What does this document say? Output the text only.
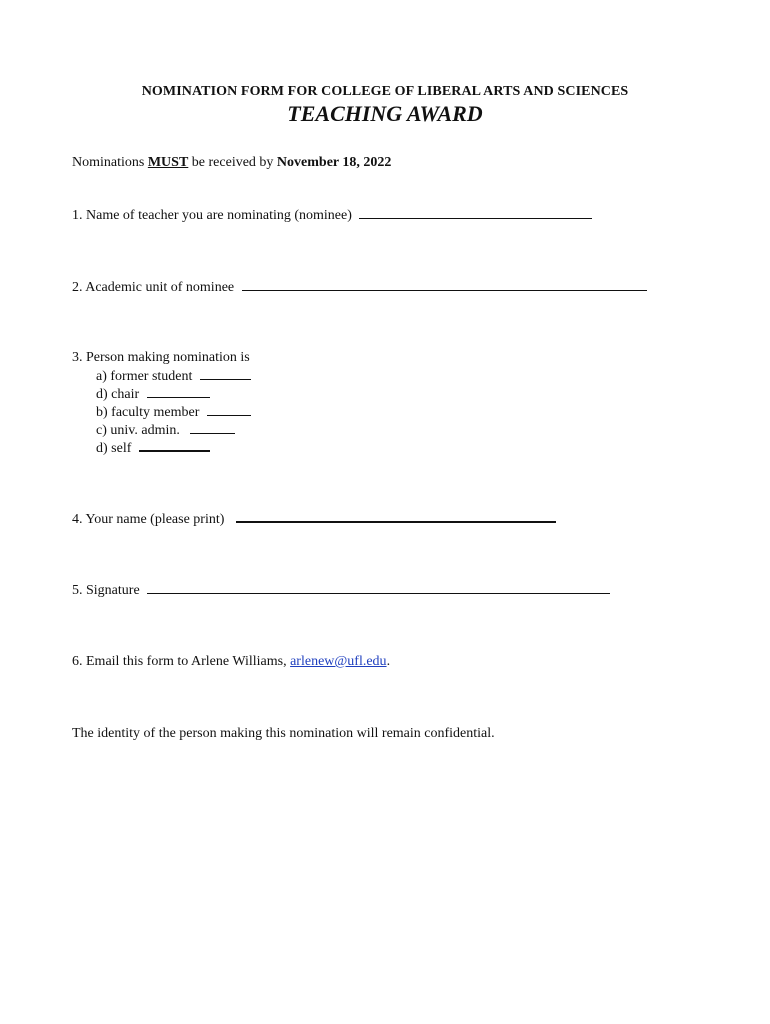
NOMINATION FORM FOR COLLEGE OF LIBERAL ARTS AND SCIENCES
TEACHING AWARD
Nominations MUST be received by November 18, 2022
1. Name of teacher you are nominating (nominee)
2. Academic unit of nominee
3. Person making nomination is
a) former student
d) chair
b) faculty member
c) univ. admin.
d) self
4. Your name (please print)
5. Signature
6. Email this form to Arlene Williams, arlenew@ufl.edu.
The identity of the person making this nomination will remain confidential.
